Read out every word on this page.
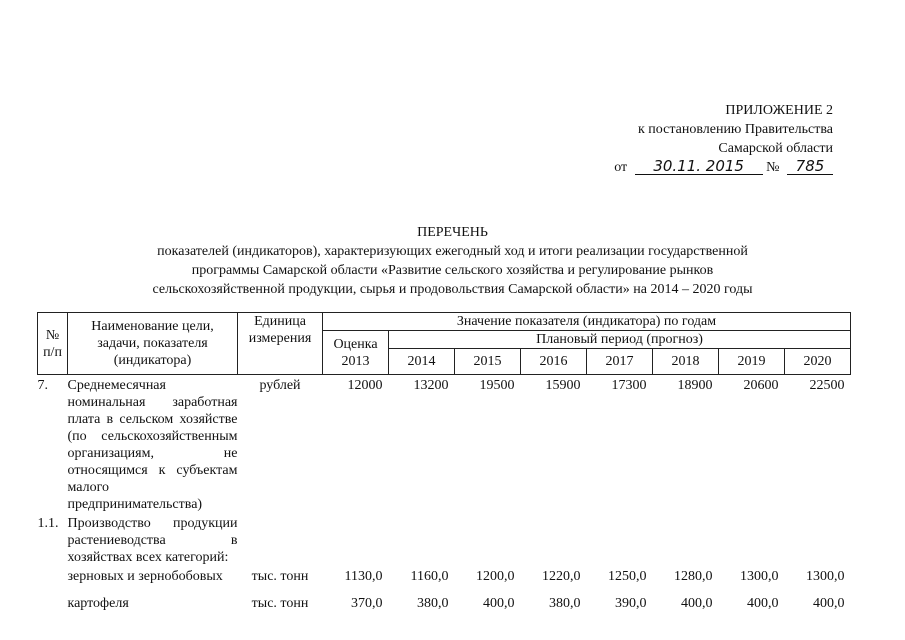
ПРИЛОЖЕНИЕ 2
к постановлению Правительства
Самарской области
от 30.11. 2015 № 785
ПЕРЕЧЕНЬ
показателей (индикаторов), характеризующих ежегодный ход и итоги реализации государственной
программы Самарской области «Развитие сельского хозяйства и регулирование рынков
сельскохозяйственной продукции, сырья и продовольствия Самарской области» на 2014 – 2020 годы
№ п/п	Наименование цели, задачи, показателя (индикатора)	Единица измерения	Значение показателя (индикатора) по годам							
			Оценка 2013	Плановый период (прогноз)						
				2014	2015	2016	2017	2018	2019	2020
7.	Среднемесячная номинальная заработная плата в сельском хозяйстве (по сельскохозяйственным организациям, не относящимся к субъектам малого предпринимательства)	рублей	12000	13200	19500	15900	17300	18900	20600	22500
1.1.	Производство продукции растениеводства в хозяйствах всех категорий:									
	зерновых и зернобобовых	тыс. тонн	1130,0	1160,0	1200,0	1220,0	1250,0	1280,0	1300,0	1300,0

	картофеля	тыс. тонн	370,0	380,0	400,0	380,0	390,0	400,0	400,0	400,0
